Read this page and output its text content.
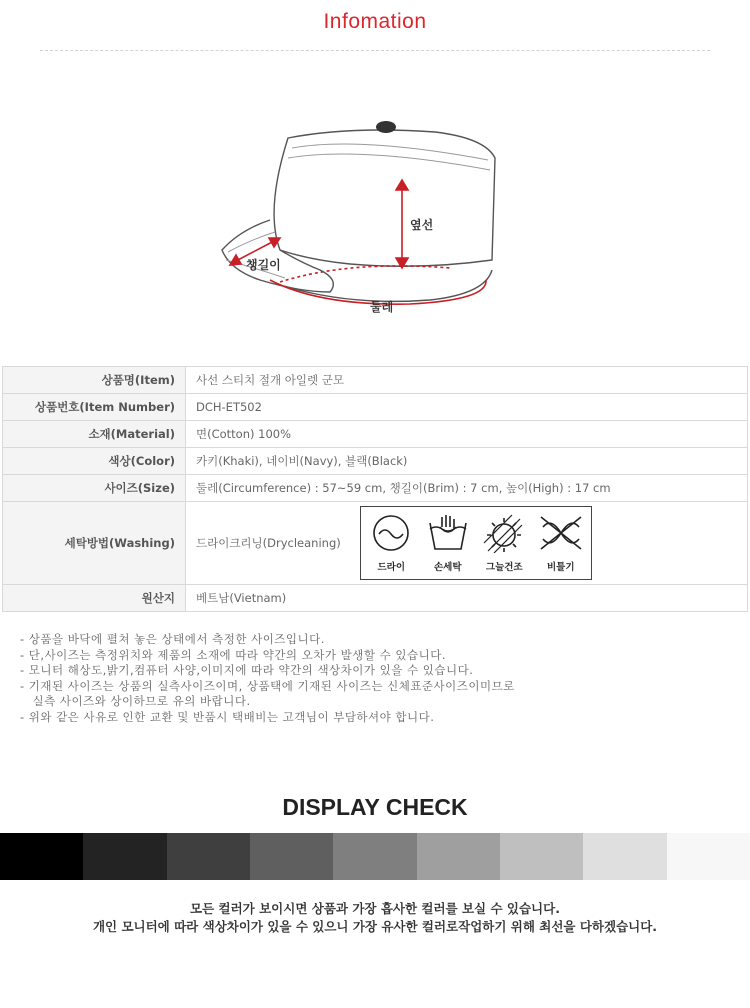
Infomation
옆선
챙길이
둘레
상품명(Item)	사선 스티치 절개 아일렛 군모
상품번호(Item Number)	DCH-ET502
소재(Material)	면(Cotton) 100%
색상(Color)	카키(Khaki), 네이비(Navy), 블랙(Black)
사이즈(Size)	둘레(Circumference) : 57~59 cm, 챙길이(Brim) : 7 cm, 높이(High) : 17 cm
세탁방법(Washing)	드라이크리닝(Drycleaning)
드라이 손세탁 그늘건조 비틀기

원산지	베트남(Vietnam)
- 상품을 바닥에 펼쳐 놓은 상태에서 측정한 사이즈입니다.
- 단,사이즈는 측정위치와 제품의 소재에 따라 약간의 오차가 발생할 수 있습니다.
- 모니터 해상도,밝기,컴퓨터 사양,이미지에 따라 약간의 색상차이가 있을 수 있습니다.
- 기재된 사이즈는 상품의 실측사이즈이며, 상품택에 기재된 사이즈는 신체표준사이즈이미므로
실측 사이즈와 상이하므로 유의 바랍니다.
- 위와 같은 사유로 인한 교환 및 반품시 택배비는 고객님이 부담하셔야 합니다.
DISPLAY CHECK
모든 컬러가 보이시면 상품과 가장 흡사한 컬러를 보실 수 있습니다.
개인 모니터에 따라 색상차이가 있을 수 있으니 가장 유사한 컬러로작업하기 위해 최선을 다하겠습니다.
